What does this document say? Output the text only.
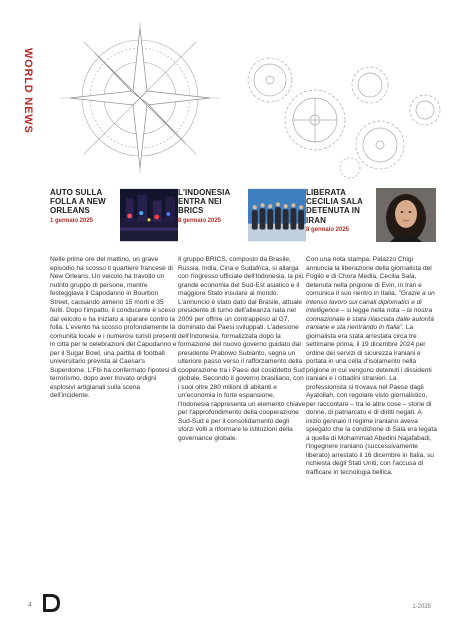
WORLD NEWS
AUTO SULLA FOLLA A NEW ORLEANS
1 gennaio 2025
Nelle prime ore del mattino, un grave episodio ha scosso il quartiere francese di New Orleans. Un veicolo ha travolto un nutrito gruppo di persone, mentre festeggiava il Capodanno in Bourbon Street, causando almeno 15 morti e 35 feriti. Dopo l'impatto, il conducente è sceso dal veicolo e ha iniziato a sparare contro la folla. L'evento ha scosso profondamente la comunità locale e i numerosi turisti presenti in città per le celebrazioni del Capodanno e per il Sugar Bowl, una partita di football universitario prevista al Caesar's Superdome. L'Fbi ha confermato l'ipotesi di terrorismo, dopo aver trovato ordigni esplosivi artigianali sulla scena dell'incidente.
L'INDONESIA ENTRA NEI BRICS
8 gennaio 2025
Il gruppo BRICS, composto da Brasile, Russia, India, Cina e Sudafrica, si allarga con l'ingresso ufficiale dell'Indonesia, la più grande economia del Sud-Est asiatico e il maggiore Stato insulare al mondo. L'annuncio è stato dato dal Brasile, attuale presidente di turno dell'alleanza nata nel 2009 per offrire un contrappeso al G7, dominato dai Paesi sviluppati. L'adesione dell'Indonesia, formalizzata dopo la formazione del nuovo governo guidato dal presidente Prabowo Subianto, segna un ulteriore passo verso il rafforzamento della cooperazione tra i Paesi del cosiddetto Sud globale. Secondo il governo brasiliano, con i suoi oltre 280 milioni di abitanti e un'economia in forte espansione, l'Indonesia rappresenta un elemento chiave per l'approfondimento della cooperazione Sud-Sud e per il consolidamento degli sforzi volti a riformare le istituzioni della governance globale.
LIBERATA CECILIA SALA DETENUTA IN IRAN
8 gennaio 2025
Con una nota stampa, Palazzo Chigi annuncia la liberazione della giornalista del Foglio e di Chora Media, Cecilia Sala, detenuta nella prigione di Evin, in Iran e comunica il suo rientro in Italia. "Grazie a un intenso lavoro sui canali diplomatici e di intelligence – si legge nella nota – la nostra connazionale è stata rilasciata dalle autorità iraniane e sta rientrando in Italia". La giornalista era stata arrestata circa tre settimane prima, il 19 dicembre 2024 per ordine dei servizi di sicurezza iraniani e portata in una cella d'isolamento nella prigione in cui vengono detenuti i dissidenti iraniani e i cittadini stranieri. La professionista si trovava nel Paese dagli Ayatollah, con regolare visto giornalistico, per raccontare – tra le altre cose – storie di donne, di patriarcato e di diritti negati. A inizio gennaio il regime iraniano aveva spiegato che la condizione di Sala era legata a quella di Mohammad Abedini Najafabadi, l'ingegnere iraniano (successivamente liberato) arrestato il 16 dicembre in Italia, su richiesta degli Stati Uniti, con l'accusa di trafficare in tecnologia bellica.
4	1-2025
